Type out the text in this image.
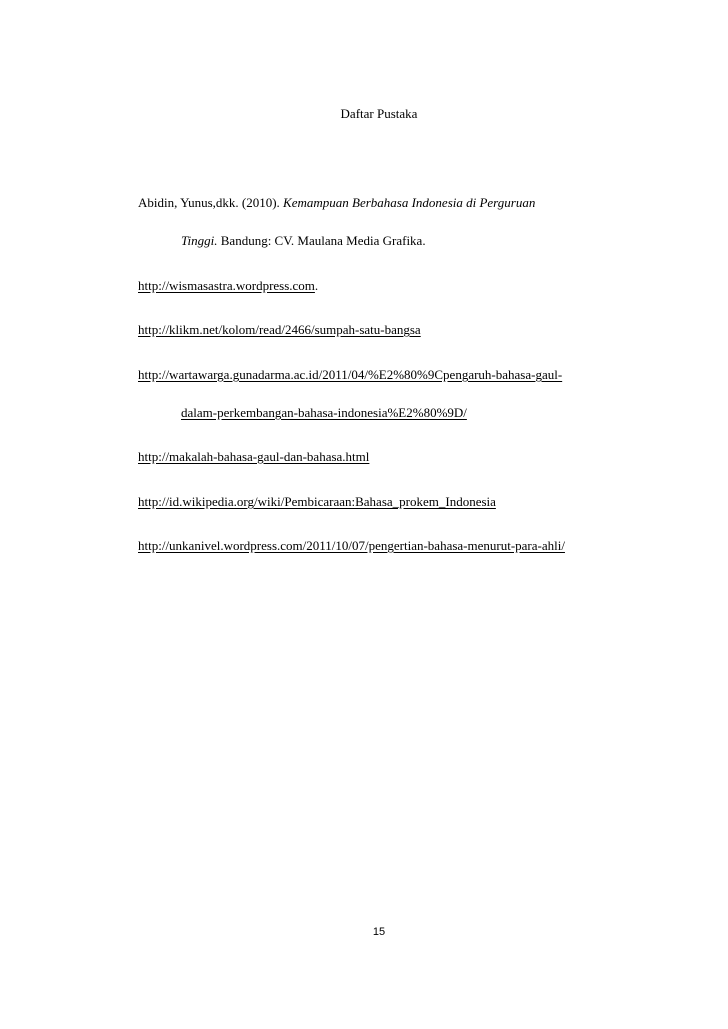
Daftar Pustaka
Abidin, Yunus,dkk. (2010). Kemampuan Berbahasa Indonesia di Perguruan
Tinggi. Bandung: CV. Maulana Media Grafika.
http://wismasastra.wordpress.com.
http://klikm.net/kolom/read/2466/sumpah-satu-bangsa
http://wartawarga.gunadarma.ac.id/2011/04/%E2%80%9Cpengaruh-bahasa-gaul-
dalam-perkembangan-bahasa-indonesia%E2%80%9D/
http://makalah-bahasa-gaul-dan-bahasa.html
http://id.wikipedia.org/wiki/Pembicaraan:Bahasa_prokem_Indonesia
http://unkanivel.wordpress.com/2011/10/07/pengertian-bahasa-menurut-para-ahli/
15
